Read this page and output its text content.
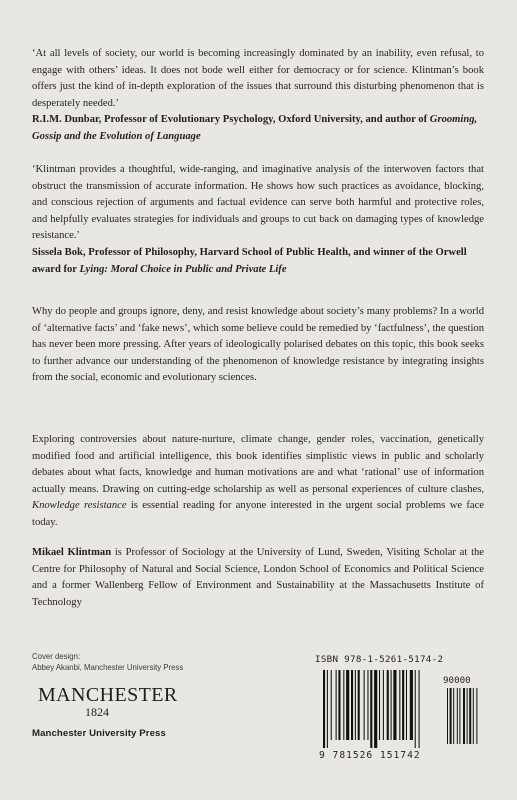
‘At all levels of society, our world is becoming increasingly dominated by an inability, even refusal, to engage with others’ ideas. It does not bode well either for democracy or for science. Klintman’s book offers just the kind of in-depth exploration of the issues that surround this disturbing phenomenon that is desperately needed.’

R.I.M. Dunbar, Professor of Evolutionary Psychology, Oxford University, and author of Grooming, Gossip and the Evolution of Language

‘Klintman provides a thoughtful, wide-ranging, and imaginative analysis of the interwoven factors that obstruct the transmission of accurate information. He shows how such practices as avoidance, blocking, and conscious rejection of arguments and factual evidence can serve both harmful and protective roles, and helpfully evaluates strategies for individuals and groups to cut back on damaging types of knowledge resistance.’

Sissela Bok, Professor of Philosophy, Harvard School of Public Health, and winner of the Orwell award for Lying: Moral Choice in Public and Private Life

Why do people and groups ignore, deny, and resist knowledge about society’s many problems? In a world of ‘alternative facts’ and ‘fake news’, which some believe could be remedied by ‘factfulness’, the question has never been more pressing. After years of ideologically polarised debates on this topic, this book seeks to further advance our understanding of the phenomenon of knowledge resistance by integrating insights from the social, economic and evolutionary sciences.

Exploring controversies about nature-nurture, climate change, gender roles, vaccination, genetically modified food and artificial intelligence, this book identifies simplistic views in public and scholarly debates about what facts, knowledge and human motivations are and what ‘rational’ use of information actually means. Drawing on cutting-edge scholarship as well as personal experiences of culture clashes, Knowledge resistance is essential reading for anyone interested in the urgent social problems we face today.

Mikael Klintman is Professor of Sociology at the University of Lund, Sweden, Visiting Scholar at the Centre for Philosophy of Natural and Social Science, London School of Economics and Political Science and a former Wallenberg Fellow of Environment and Sustainability at the Massachusetts Institute of Technology

Cover design:
Abbey Akanbi, Manchester University Press
MANCHESTER
1824
Manchester University Press
ISBN 978-1-5261-5174-2
90000
9 781526 151742
